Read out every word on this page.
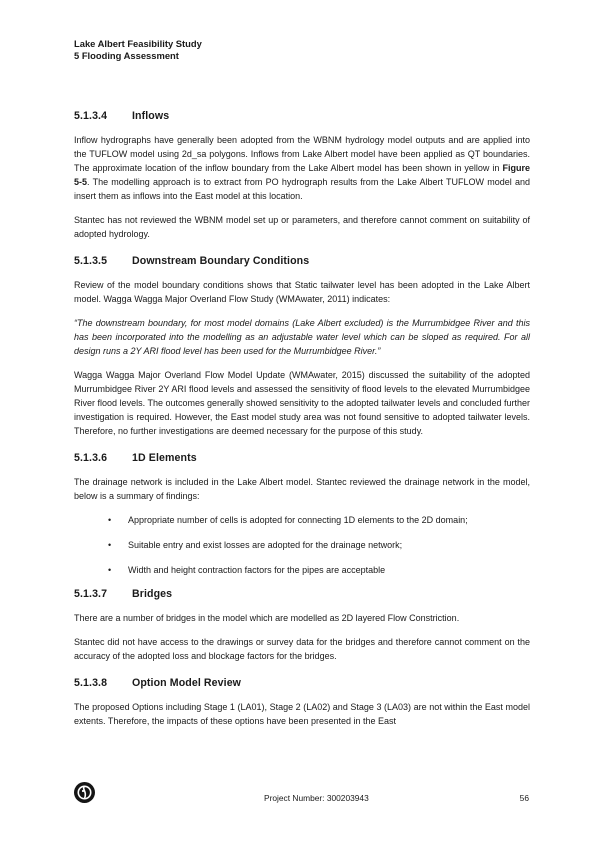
Lake Albert Feasibility Study
5 Flooding Assessment
5.1.3.4	Inflows

Inflow hydrographs have generally been adopted from the WBNM hydrology model outputs and are applied into the TUFLOW model using 2d_sa polygons. Inflows from Lake Albert model have been applied as QT boundaries. The approximate location of the inflow boundary from the Lake Albert model has been shown in yellow in Figure 5-5. The modelling approach is to extract from PO hydrograph results from the Lake Albert TUFLOW model and insert them as inflows into the East model at this location.

Stantec has not reviewed the WBNM model set up or parameters, and therefore cannot comment on suitability of adopted hydrology.

5.1.3.5	Downstream Boundary Conditions

Review of the model boundary conditions shows that Static tailwater level has been adopted in the Lake Albert model. Wagga Wagga Major Overland Flow Study (WMAwater, 2011) indicates:

“The downstream boundary, for most model domains (Lake Albert excluded) is the Murrumbidgee River and this has been incorporated into the modelling as an adjustable water level which can be sloped as required. For all design runs a 2Y ARI flood level has been used for the Murrumbidgee River.”

Wagga Wagga Major Overland Flow Model Update (WMAwater, 2015) discussed the suitability of the adopted Murrumbidgee River 2Y ARI flood levels and assessed the sensitivity of flood levels to the elevated Murrumbidgee River flood levels. The outcomes generally showed sensitivity to the adopted tailwater levels and concluded further investigation is required. However, the East model study area was not found sensitive to adopted tailwater levels. Therefore, no further investigations are deemed necessary for the purpose of this study.

5.1.3.6	1D Elements

The drainage network is included in the Lake Albert model. Stantec reviewed the drainage network in the model, below is a summary of findings:

•	Appropriate number of cells is adopted for connecting 1D elements to the 2D domain;
•	Suitable entry and exist losses are adopted for the drainage network;
•	Width and height contraction factors for the pipes are acceptable
5.1.3.7	Bridges

There are a number of bridges in the model which are modelled as 2D layered Flow Constriction.

Stantec did not have access to the drawings or survey data for the bridges and therefore cannot comment on the accuracy of the adopted loss and blockage factors for the bridges.

5.1.3.8	Option Model Review

The proposed Options including Stage 1 (LA01), Stage 2 (LA02) and Stage 3 (LA03) are not within the East model extents. Therefore, the impacts of these options have been presented in the East

Project Number: 300203943	56
